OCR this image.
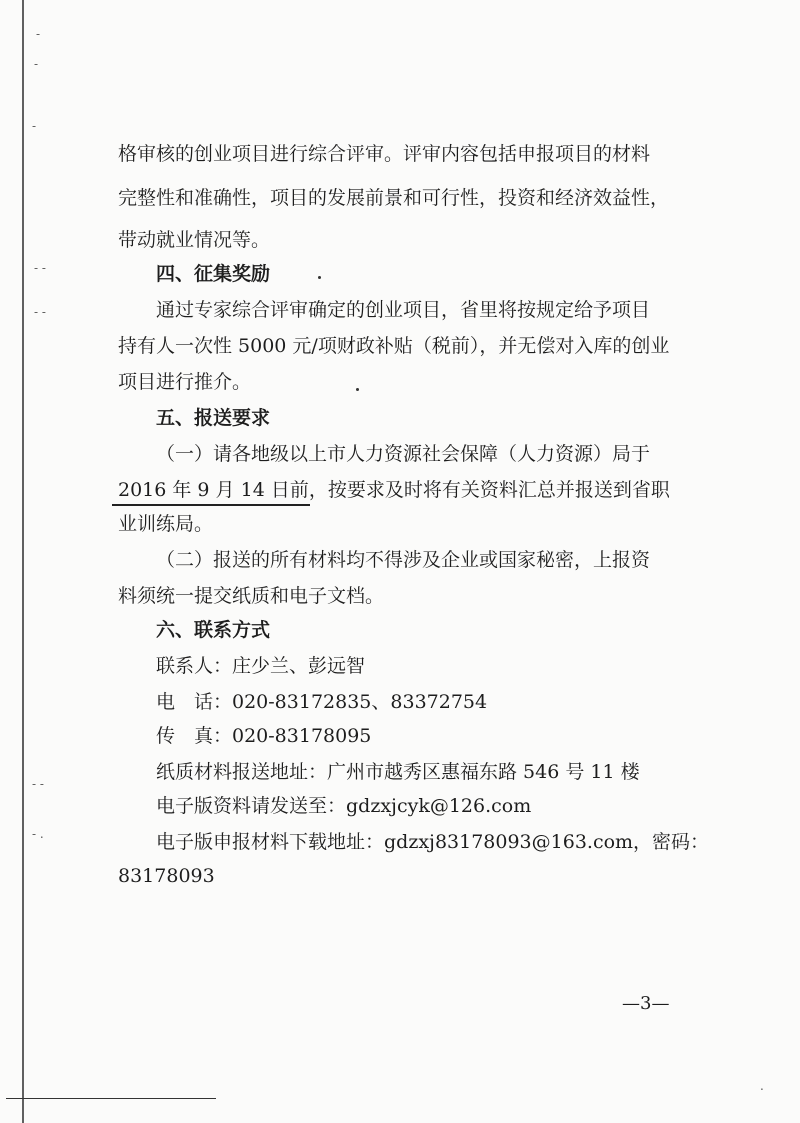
-
-
-
- -
- -
- -
- .
.
格审核的创业项目进行综合评审。评审内容包括申报项目的材料
完整性和准确性，项目的发展前景和可行性，投资和经济效益性，
带动就业情况等。
四、征集奖励
通过专家综合评审确定的创业项目，省里将按规定给予项目
持有人一次性 5000 元/项财政补贴（税前），并无偿对入库的创业
项目进行推介。
五、报送要求
（一）请各地级以上市人力资源社会保障（人力资源）局于
2016 年 9 月 14 日前，按要求及时将有关资料汇总并报送到省职
业训练局。
（二）报送的所有材料均不得涉及企业或国家秘密，上报资
料须统一提交纸质和电子文档。
六、联系方式
联系人：庄少兰、彭远智
电　话：020-83172835、83372754
传　真：020-83178095
纸质材料报送地址：广州市越秀区惠福东路 546 号 11 楼
电子版资料请发送至：gdzxjcyk@126.com
电子版申报材料下载地址：gdzxj83178093@163.com，密码：
83178093
—3—
